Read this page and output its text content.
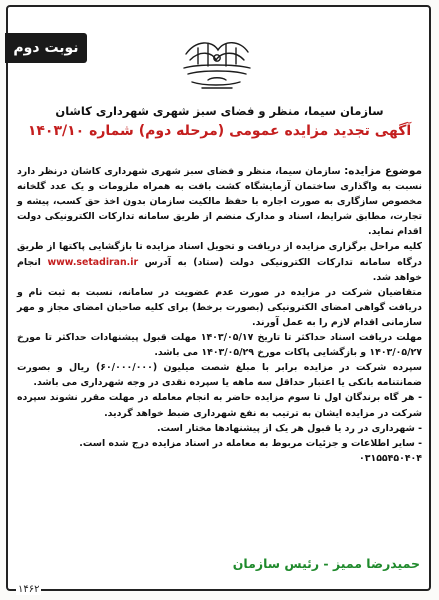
نوبت دوم
سازمان سیما، منظر و فضای سبز شهری شهرداری کاشان
آگهی تجدید مزایده عمومی (مرحله دوم) شماره ۱۴۰۳/۱۰

موضوع مزایده: سازمان سیما، منظر و فضای سبز شهری شهرداری کاشان درنظر دارد نسبت به واگذاری ساختمان آزمایشگاه کشت بافت به همراه ملزومات و یک عدد گلخانه مخصوص سازگاری به صورت اجاره با حفظ مالکیت سازمان بدون اخذ حق کسب، پیشه و تجارت، مطابق شرایط، اسناد و مدارک منضم از طریق سامانه تدارکات الکترونیکی دولت اقدام نماید.

کلیه مراحل برگزاری مزایده از دریافت و تحویل اسناد مزایده تا بازگشایی پاکتها از طریق درگاه سامانه تدارکات الکترونیکی دولت (ستاد) به آدرس www.setadiran.ir انجام خواهد شد.

متقاضیان شرکت در مزایده در صورت عدم عضویت در سامانه، نسبت به ثبت نام و دریافت گواهی امضای الکترونیکی (بصورت برخط) برای کلیه صاحبان امضای مجاز و مهر سازمانی اقدام لازم را به عمل آورند.

مهلت دریافت اسناد حداکثر تا تاریخ ۱۴۰۳/۰۵/۱۷ مهلت قبول پیشنهادات حداکثر تا مورخ ۱۴۰۳/۰۵/۲۷ و بازگشایی پاکات مورخ ۱۴۰۳/۰۵/۲۹ می باشد.

سپرده شرکت در مزایده برابر با مبلغ شصت میلیون (۶۰/۰۰۰/۰۰۰) ریال و بصورت ضمانتنامه بانکی یا اعتبار حداقل سه ماهه یا سپرده نقدی در وجه شهرداری می باشد.

- هر گاه برندگان اول تا سوم مزایده حاضر به انجام معامله در مهلت مقرر نشوند سپرده شرکت در مزایده ایشان به ترتیب به نفع شهرداری ضبط خواهد گردید.

- شهرداری در رد یا قبول هر یک از پیشنهادها مختار است.

- سایر اطلاعات و جزئیات مربوط به معامله در اسناد مزایده درج شده است.

۰۳۱۵۵۴۵۰۴۰۴

حمیدرضا ممیز - رئیس سازمان
۱۴۶۲
